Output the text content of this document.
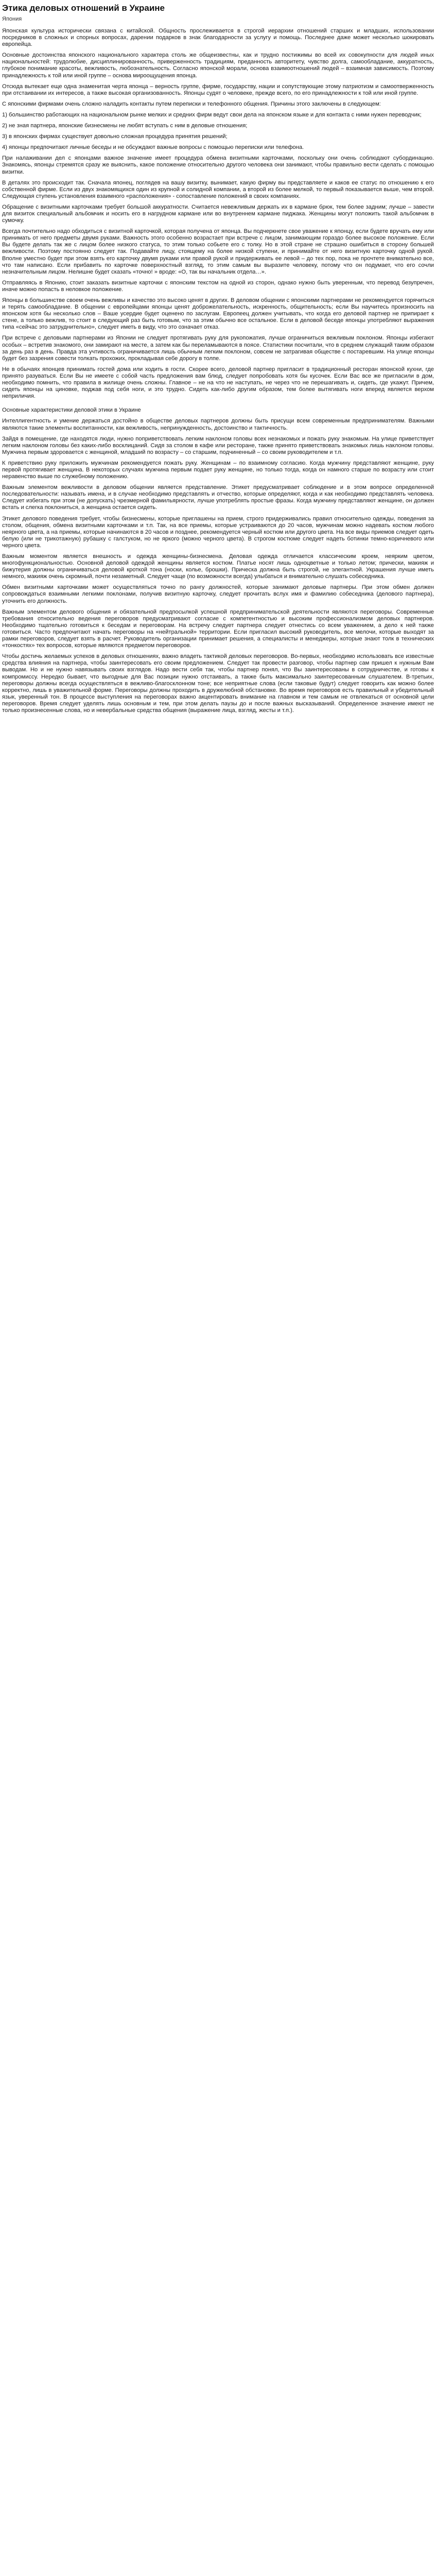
Этика деловых отношений в Украине
Япония

Японская культура исторически связана с китайской. Общность прослеживается в строгой иерархии отношений старших и младших, использовании посредников в сложных и спорных вопросах, дарении подарков в знак благодарности за услугу и помощь. Последнее даже может несколько шокировать европейца.

Основные достоинства японского национального характера столь же общеизвестны, как и трудно постижимы во всей их совокупности для людей иных национальностей: трудолюбие, дисциплинированность, приверженность традициям, преданность авторитету, чувство долга, самообладание, аккуратность, глубокое понимание красоты, вежливость, любознательность. Согласно японской морали, основа взаимоотношений людей – взаимная зависимость. Поэтому принадлежность к той или иной группе – основа мироощущения японца.

Отсюда вытекает еще одна знаменитая черта японца – верность группе, фирме, государству, нации и сопутствующие этому патриотизм и самоотверженность при отстаивании их интересов, а также высокая организованность. Японцы судят о человеке, прежде всего, по его принадлежности к той или иной группе.

С японскими фирмами очень сложно наладить контакты путем переписки и телефонного общения. Причины этого заключены в следующем:

1) большинство работающих на национальном рынке мелких и средних фирм ведут свои дела на японском языке и для контакта с ними нужен переводчик;

2) не зная партнера, японские бизнесмены не любят вступать с ним в деловые отношения;

3) в японских фирмах существует довольно сложная процедура принятия решений;

4) японцы предпочитают личные беседы и не обсуждают важные вопросы с помощью переписки или телефона.

При налаживании дел с японцами важное значение имеет процедура обмена визитными карточками, поскольку они очень соблюдают субординацию. Знакомясь, японцы стремятся сразу же выяснить, какое положение относительно другого человека они занимают, чтобы правильно вести сделать с помощью визитки.

В деталях это происходит так. Сначала японец, поглядев на вашу визитку, вынимает, какую фирму вы представляете и каков ее статус по отношению к его собственной фирме. Если из двух знакомящихся один из крупной и солидной компании, а второй из более мелкой, то первый показывается выше, чем второй. Следующая ступень установления взаимного «расположения» - сопоставление положений в своих компаниях.

Обращение с визитными карточками требует большой аккуратности. Считается невежливым держать их в кармане брюк, тем более задним; лучше – завести для визиток специальный альбомчик и носить его в нагрудном кармане или во внутреннем кармане пиджака. Женщины могут положить такой альбомчик в сумочку.

Всегда почтительно надо обходиться с визитной карточкой, которая получена от японца. Вы подчеркнете свое уважение к японцу, если будете вручать ему или принимать от него предметы двумя руками. Важность этого особенно возрастает при встрече с лицом, занимающим гораздо более высокое положение. Если Вы будете делать так же с лицом более низкого статуса, то этим только собьете его с толку. Но в этой стране не страшно ошибиться в сторону большей вежливости. Поэтому постоянно следует так. Подавайте лицу, стоящему на более низкой ступени, и принимайте от него визитную карточку одной рукой. Вполне уместно будет при этом взять его карточку двумя руками или правой рукой и придерживать ее левой – до тех пор, пока не прочтете внимательно все, что там написано. Если прибавить по карточке поверхностный взгляд, то этим самым вы выразите человеку, потому что он подумает, что его сочли незначительным лицом. Нелишне будет сказать «точно! » вроде: «О, так вы начальник отдела…».

Отправляясь в Японию, стоит заказать визитные карточки с японским текстом на одной из сторон, однако нужно быть уверенным, что перевод безупречен, иначе можно попасть в неловкое положение.

Японцы в большинстве своем очень вежливы и качество это высоко ценят в других. В деловом общении с японскими партнерами не рекомендуется горячиться и терять самообладание. В общении с европейцами японцы ценят доброжелательность, искренность, общительность; если Вы научитесь произносить на японском хотя бы несколько слов – Ваше усердие будет оценено по заслугам. Европеец должен учитывать, что когда его деловой партнер не припирает к стене, а только вежлив, то стоит в следующий раз быть готовым, что за этим обычно все остальное. Если в деловой беседе японцы употребляют выражения типа «сейчас это затруднительно», следует иметь в виду, что это означает отказ.

При встрече с деловыми партнерами из Японии не следует протягивать руку для рукопожатия, лучше ограничиться вежливым поклоном. Японцы избегают особых – встретив знакомого, они замирают на месте, а затем как бы переламываются в поясе. Статистики посчитали, что в среднем служащий таким образом за день раз в день. Правда эта учтивость ограничивается лишь обычным легким поклоном, совсем не затрагивая обществе с постаревшим. На улице японцы будет без зазрения совести толкать прохожих, прокладывая себе дорогу в толпе.

Не в обычаях японцев принимать гостей дома или ходить в гости. Скорее всего, деловой партнер пригласит в традиционный ресторан японской кухни, где принято разуваться. Если Вы не имеете с собой часть предложения вам блюд, следует попробовать хотя бы кусочек. Если Вас все же пригласили в дом, необходимо помнить, что правила в жилище очень сложны. Главное – не на что не наступать, не через что не перешагивать и, сидеть, где укажут. Причем, сидеть японцы на циновке, поджав под себя ноги, и это трудно. Сидеть как-либо другим образом, тем более вытягивать ноги вперед является верхом неприличия.

Основные характеристики деловой этики в Украине

Интеллигентность и умение держаться достойно в обществе деловых партнеров должны быть присущи всем современным предпринимателям. Важными являются такие элементы воспитанности, как вежливость, непринужденность, достоинство и тактичность.

Зайдя в помещение, где находятся люди, нужно поприветствовать легким наклоном головы всех незнакомых и пожать руку знакомым. На улице приветствует легким наклоном головы без каких-либо восклицаний. Сидя за столом в кафе или ресторане, также принято приветствовать знакомых лишь наклоном головы. Мужчина первым здоровается с женщиной, младший по возрасту – со старшим, подчиненный – со своим руководителем и т.п.

К приветствию руку приложить мужчинам рекомендуется пожать руку. Женщинам – по взаимному согласию. Когда мужчину представляют женщине, руку первой протягивает женщина. В некоторых случаях мужчина первым подает руку женщине, но только тогда, когда он намного старше по возрасту или стоит неравенство выше по служебному положению.

Важным элементом вежливости в деловом общении является представление. Этикет предусматривает соблюдение и в этом вопросе определенной последовательности: называть имена, и в случае необходимо представлять и отчество, которые определяют, когда и как необходимо представлять человека. Следует избегать при этом (не допускать) чрезмерной фамильярности, лучше употреблять простые фразы. Когда мужчину представляют женщине, он должен встать и слегка поклониться, а женщина остается сидеть.

Этикет делового поведения требует, чтобы бизнесмены, которые приглашены на прием, строго придерживались правил относительно одежды, поведения за столом, общения, обмена визитными карточками и т.п. Так, на все приемы, которые устраиваются до 20 часов, мужчинам можно надевать костюм любого неярного цвета, а на приемы, которые начинаются в 20 часов и позднее, рекомендуется черный костюм или другого цвета. На все виды приемов следует одеть белую (или не трикотажную) рубашку с галстуком, но не яркого (можно черного цвета). В строгом костюме следует надеть ботинки темно-коричневого или черного цвета.

Важным моментом является внешность и одежда женщины-бизнесмена. Деловая одежда отличается классическим кроем, неярким цветом, многофункциональностью. Основной деловой одеждой женщины является костюм. Платье носят лишь одноцветные и только летом; прически, макияж и бижутерия должны ограничиваться деловой кроткой тона (носки, колье, брошки). Прическа должна быть строгой, не элегантной. Украшения лучше иметь немного, макияж очень скромный, почти незаметный. Следует чаще (по возможности всегда) улыбаться и внимательно слушать собеседника.

Обмен визитными карточками может осуществляться точно по рангу должностей, которые занимают деловые партнеры. При этом обмен должен сопровождаться взаимными легкими поклонами, получив визитную карточку, следует прочитать вслух имя и фамилию собеседника (делового партнера), уточнить его должность.

Важным элементом делового общения и обязательной предпосылкой успешной предпринимательской деятельности являются переговоры. Современные требования относительно ведения переговоров предусматривают согласие с компетентностью и высоким профессионализмом деловых партнеров. Необходимо тщательно готовиться к беседам и переговорам. На встречу следует партнера следует отнестись со всем уважением, а дело к ней также готовиться. Часто предпочитают начать переговоры на «нейтральной» территории. Если пригласил высокий руководитель, все мелочи, которые выходят за рамки переговоров, следует взять в расчет. Руководитель организации принимает решения, а специалисты и менеджеры, которые знают толк в технических «тонкостях» тех вопросов, которые являются предметом переговоров.

Чтобы достичь желаемых успехов в деловых отношениях, важно владеть тактикой деловых переговоров. Во-первых, необходимо использовать все известные средства влияния на партнера, чтобы заинтересовать его своим предложением. Следует так провести разговор, чтобы партнер сам пришел к нужным Вам выводам. Но и не нужно навязывать своих взглядов. Надо вести себя так, чтобы партнер понял, что Вы заинтересованы в сотрудничестве, и готовы к компромиссу. Нередко бывает, что выгодные для Вас позиции нужно отстаивать, а также быть максимально заинтересованным слушателем. В-третьих, переговоры должны всегда осуществляться в вежливо-благосклонном тоне; все неприятные слова (если таковые будут) следует говорить как можно более корректно, лишь в уважительной форме. Переговоры должны проходить в дружелюбной обстановке. Во время переговоров есть правильный и убедительный язык, уверенный тон. В процессе выступления на переговорах важно акцентировать внимание на главном и тем самым не отвлекаться от основной цели переговоров. Время следует уделять лишь основным и тем, при этом делать паузы до и после важных высказываний. Определенное значение имеют не только произнесенные слова, но и невербальные средства общения (выражение лица, взгляд, жесты и т.п.).
